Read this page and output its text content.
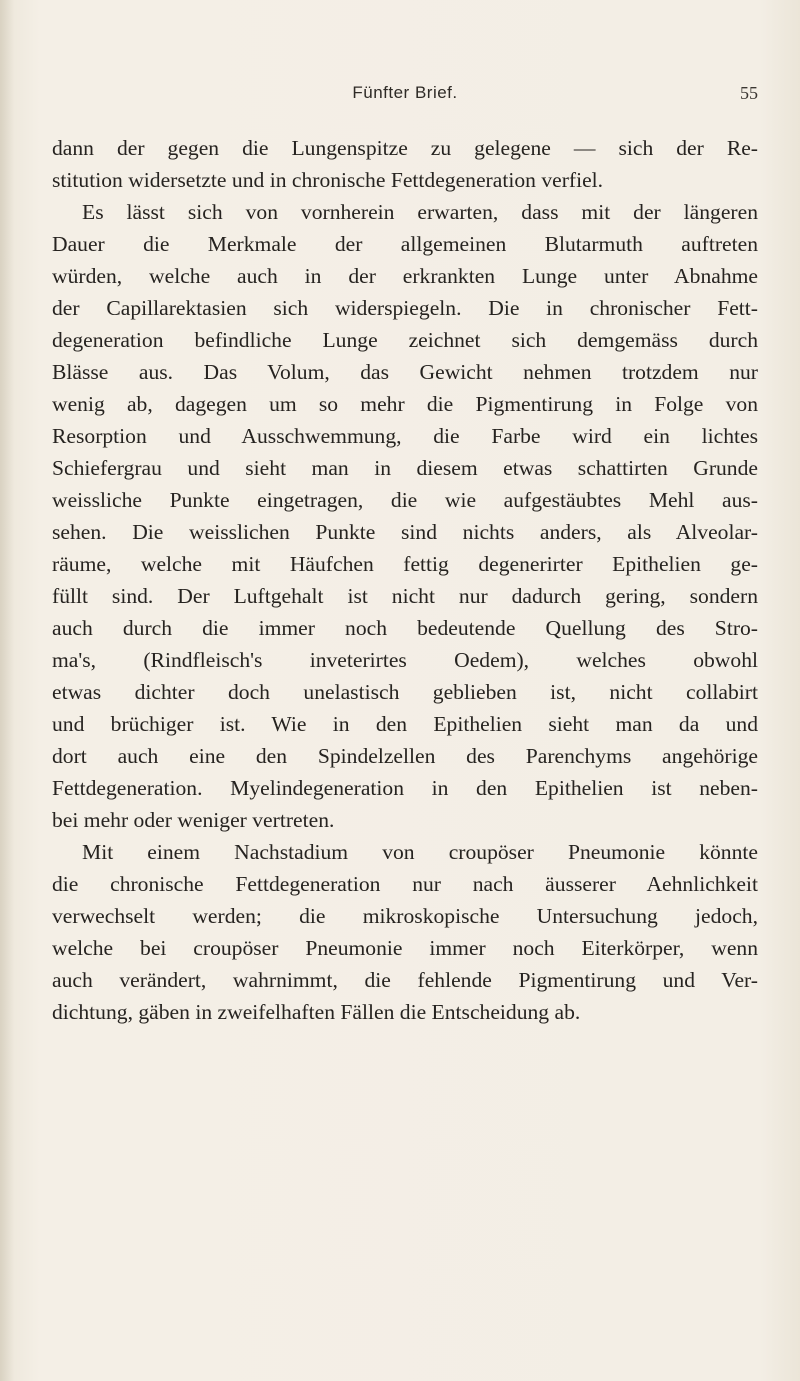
Fünfter Brief.	55
dann der gegen die Lungenspitze zu gelegene — sich der Re-
stitution widersetzte und in chronische Fettdegeneration verfiel.
Es lässt sich von vornherein erwarten, dass mit der längeren
Dauer die Merkmale der allgemeinen Blutarmuth auftreten
würden, welche auch in der erkrankten Lunge unter Abnahme
der Capillarektasien sich widerspiegeln. Die in chronischer Fett-
degeneration befindliche Lunge zeichnet sich demgemäss durch
Blässe aus. Das Volum, das Gewicht nehmen trotzdem nur
wenig ab, dagegen um so mehr die Pigmentirung in Folge von
Resorption und Ausschwemmung, die Farbe wird ein lichtes
Schiefergrau und sieht man in diesem etwas schattirten Grunde
weissliche Punkte eingetragen, die wie aufgestäubtes Mehl aus-
sehen. Die weisslichen Punkte sind nichts anders, als Alveolar-
räume, welche mit Häufchen fettig degenerirter Epithelien ge-
füllt sind. Der Luftgehalt ist nicht nur dadurch gering, sondern
auch durch die immer noch bedeutende Quellung des Stro-
ma's, (Rindfleisch's inveterirtes Oedem), welches obwohl
etwas dichter doch unelastisch geblieben ist, nicht collabirt
und brüchiger ist. Wie in den Epithelien sieht man da und
dort auch eine den Spindelzellen des Parenchyms angehörige
Fettdegeneration. Myelindegeneration in den Epithelien ist neben-
bei mehr oder weniger vertreten.
Mit einem Nachstadium von croupöser Pneumonie könnte
die chronische Fettdegeneration nur nach äusserer Aehnlichkeit
verwechselt werden; die mikroskopische Untersuchung jedoch,
welche bei croupöser Pneumonie immer noch Eiterkörper, wenn
auch verändert, wahrnimmt, die fehlende Pigmentirung und Ver-
dichtung, gäben in zweifelhaften Fällen die Entscheidung ab.
